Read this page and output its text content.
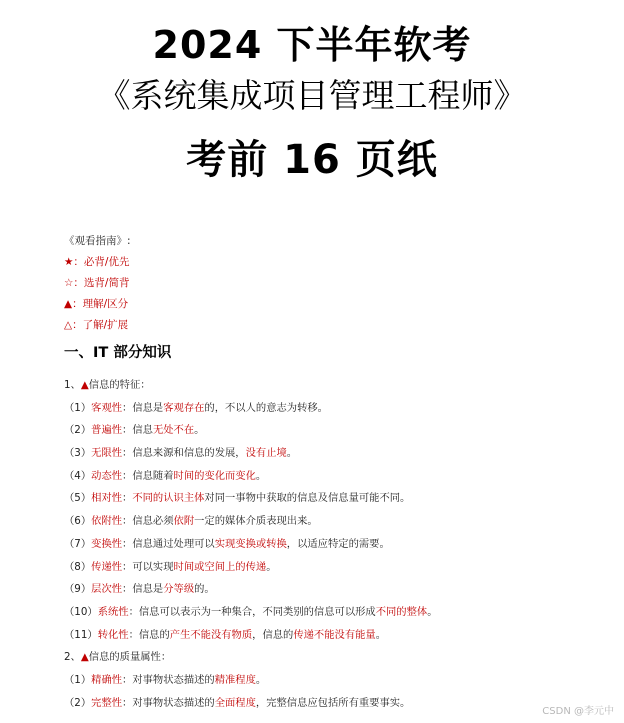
2024 下半年软考
《系统集成项目管理工程师》
考前 16 页纸
《观看指南》:
★：必背/优先
☆：选背/简背
▲：理解/区分
△：了解/扩展
一、IT 部分知识
1、▲信息的特征：
（1）客观性：信息是客观存在的，不以人的意志为转移。
（2）普遍性：信息无处不在。
（3）无限性：信息来源和信息的发展，没有止境。
（4）动态性：信息随着时间的变化而变化。
（5）相对性：不同的认识主体对同一事物中获取的信息及信息量可能不同。
（6）依附性：信息必须依附一定的媒体介质表现出来。
（7）变换性：信息通过处理可以实现变换或转换，以适应特定的需要。
（8）传递性：可以实现时间或空间上的传递。
（9）层次性：信息是分等级的。
（10）系统性：信息可以表示为一种集合，不同类别的信息可以形成不同的整体。
（11）转化性：信息的产生不能没有物质，信息的传递不能没有能量。
2、▲信息的质量属性：
（1）精确性：对事物状态描述的精准程度。
（2）完整性：对事物状态描述的全面程度，完整信息应包括所有重要事实。
CSDN @李元中
